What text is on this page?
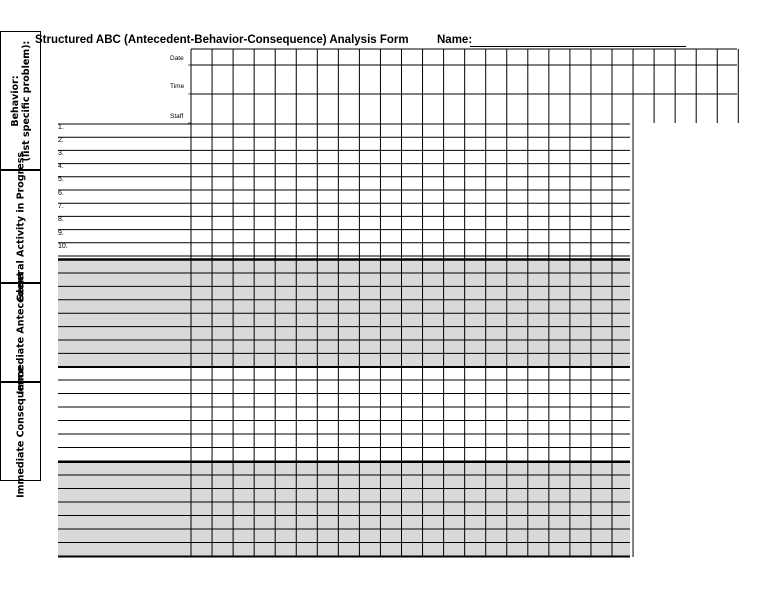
Structured ABC (Antecedent-Behavior-Consequence) Analysis Form Name:
Behavior: (list specific problem):
General Activity in Progress
Immediate Antecedent
Immediate Consequence
Date
Time
Staff
1.
2.
3.
4.
5.
6.
7.
8.
9.
10.
